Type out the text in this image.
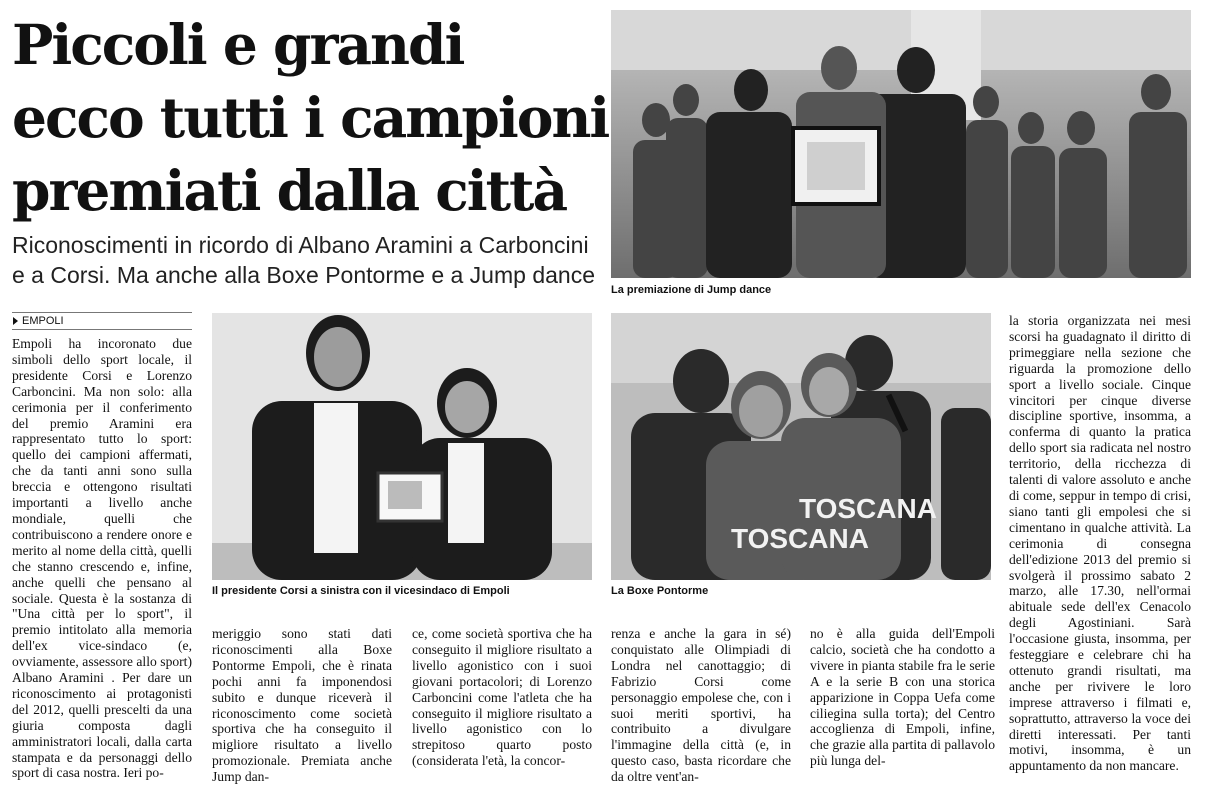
Piccoli e grandi
ecco tutti i campioni
premiati dalla città
Riconoscimenti in ricordo di Albano Aramini a Carboncini
e a Corsi. Ma anche alla Boxe Pontorme e a Jump dance
EMPOLI
Empoli ha incoronato due simboli dello sport locale, il presidente Corsi e Lorenzo Carboncini. Ma non solo: alla cerimonia per il conferimento del premio Aramini era rappresentato tutto lo sport: quello dei campioni affermati, che da tanti anni sono sulla breccia e ottengono risultati importanti a livello anche mondiale, quelli che contribuiscono a rendere onore e merito al nome della città, quelli che stanno crescendo e, infine, anche quelli che pensano al sociale. Questa è la sostanza di "Una città per lo sport", il premio intitolato alla memoria dell'ex vice-sindaco (e, ovviamente, assessore allo sport) Albano Aramini . Per dare un riconoscimento ai protagonisti del 2012, quelli prescelti da una giuria composta dagli amministratori locali, dalla carta stampata e da personaggi dello sport di casa nostra. Ieri po-
meriggio sono stati dati riconoscimenti alla Boxe Pontorme Empoli, che è rinata pochi anni fa imponendosi subito e dunque riceverà il riconoscimento come società sportiva che ha conseguito il migliore risultato a livello promozionale. Premiata anche Jump dan-
ce, come società sportiva che ha conseguito il migliore risultato a livello agonistico con i suoi giovani portacolori; di Lorenzo Carboncini come l'atleta che ha conseguito il migliore risultato a livello agonistico con lo strepitoso quarto posto (considerata l'età, la concor-
renza e anche la gara in sé) conquistato alle Olimpiadi di Londra nel canottaggio; di Fabrizio Corsi come personaggio empolese che, con i suoi meriti sportivi, ha contribuito a divulgare l'immagine della città (e, in questo caso, basta ricordare che da oltre vent'an-
no è alla guida dell'Empoli calcio, società che ha condotto a vivere in pianta stabile fra le serie A e la serie B con una storica apparizione in Coppa Uefa come ciliegina sulla torta); del Centro accoglienza di Empoli, infine, che grazie alla partita di pallavolo più lunga del-
la storia organizzata nei mesi scorsi ha guadagnato il diritto di primeggiare nella sezione che riguarda la promozione dello sport a livello sociale. Cinque vincitori per cinque diverse discipline sportive, insomma, a conferma di quanto la pratica dello sport sia radicata nel nostro territorio, della ricchezza di talenti di valore assoluto e anche di come, seppur in tempo di crisi, siano tanti gli empolesi che si cimentano in qualche attività. La cerimonia di consegna dell'edizione 2013 del premio si svolgerà il prossimo sabato 2 marzo, alle 17.30, nell'ormai abituale sede dell'ex Cenacolo degli Agostiniani. Sarà l'occasione giusta, insomma, per festeggiare e celebrare chi ha ottenuto grandi risultati, ma anche per rivivere le loro imprese attraverso i filmati e, soprattutto, attraverso la voce dei diretti interessati. Per tanti motivi, insomma, è un appuntamento da non mancare.
La premiazione di Jump dance
Il presidente Corsi a sinistra con il vicesindaco di Empoli
TOSCANA
TOSCANA
La Boxe Pontorme
